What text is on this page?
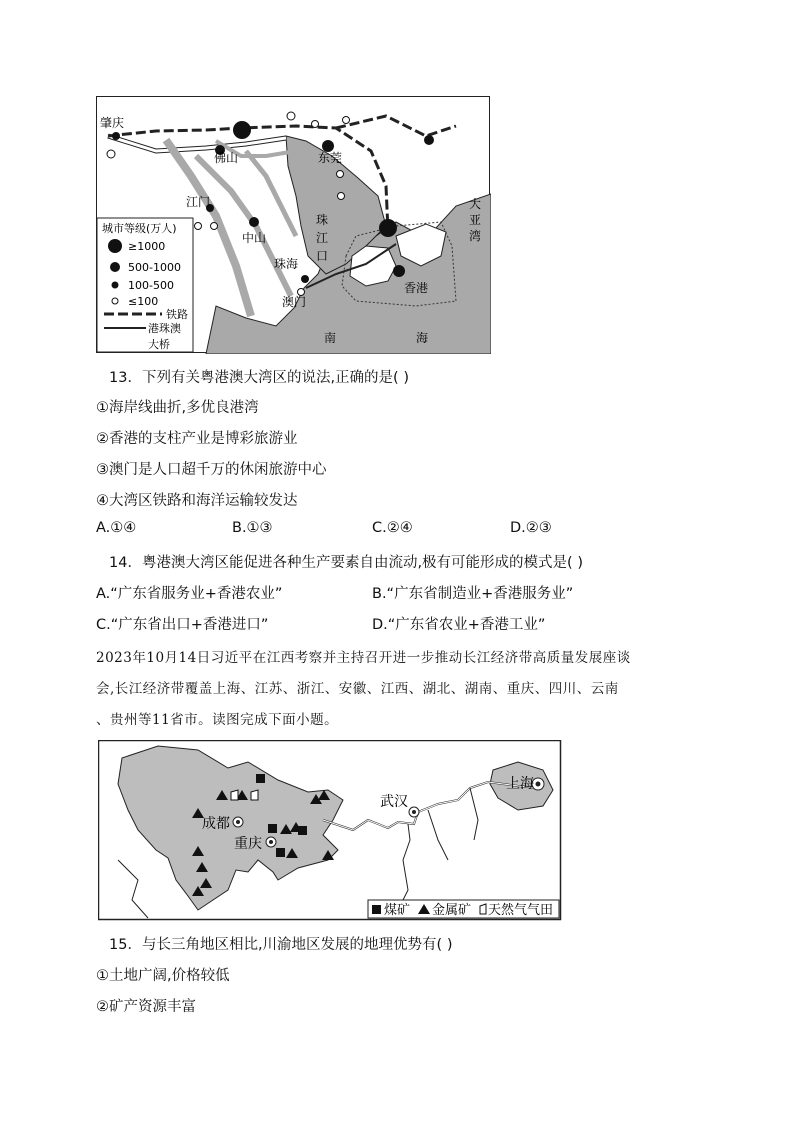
肇庆
佛山	东莞
江门
中山
珠海
澳门
香港
珠
江
口
大
亚
湾
南	海
城市等级(万人)
≥1000
500-1000
100-500
≤100
铁路
港珠澳
大桥
13．下列有关粤港澳大湾区的说法,正确的是( )
①海岸线曲折,多优良港湾
②香港的支柱产业是博彩旅游业
③澳门是人口超千万的休闲旅游中心
④大湾区铁路和海洋运输较发达
A.①④	B.①③	C.②④	D.②③
14．粤港澳大湾区能促进各种生产要素自由流动,极有可能形成的模式是( )
A.“广东省服务业+香港农业”	B.“广东省制造业+香港服务业”
C.“广东省出口+香港进口”	D.“广东省农业+香港工业”
2023年10月14日习近平在江西考察并主持召开进一步推动长江经济带高质量发展座谈
会,长江经济带覆盖上海、江苏、浙江、安徽、江西、湖北、湖南、重庆、四川、云南
、贵州等11省市。读图完成下面小题。
上海
武汉
成都
重庆
煤矿 金属矿 天然气气田
15．与长三角地区相比,川渝地区发展的地理优势有( )
①土地广阔,价格较低
②矿产资源丰富
